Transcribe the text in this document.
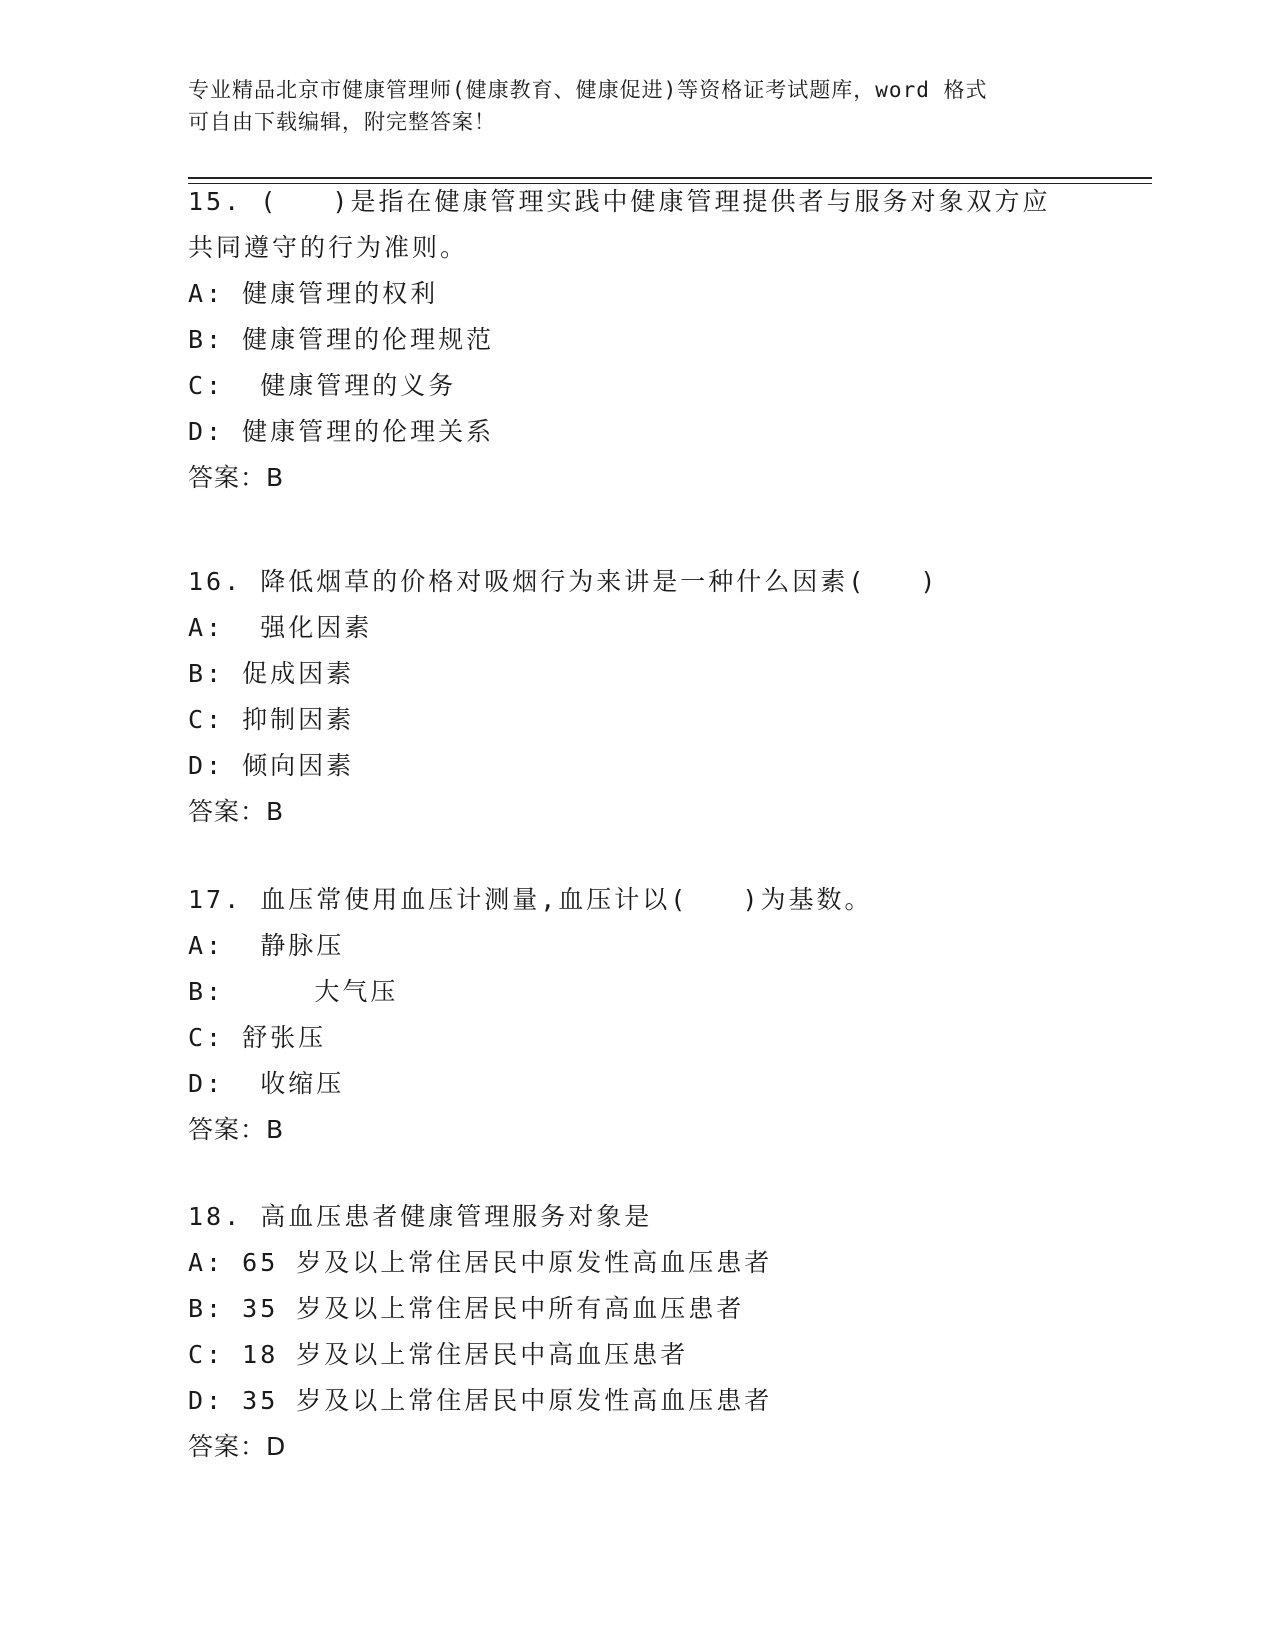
专业精品北京市健康管理师(健康教育、健康促进)等资格证考试题库，word 格式
可自由下载编辑，附完整答案！
15. (   )是指在健康管理实践中健康管理提供者与服务对象双方应
共同遵守的行为准则。
A: 健康管理的权利
B: 健康管理的伦理规范
C:  健康管理的义务
D: 健康管理的伦理关系
答案：B
16. 降低烟草的价格对吸烟行为来讲是一种什么因素(   )
A:  强化因素
B: 促成因素
C: 抑制因素
D: 倾向因素
答案：B
17. 血压常使用血压计测量,血压计以(   )为基数。
A:  静脉压
B:     大气压
C: 舒张压
D:  收缩压
答案：B
18. 高血压患者健康管理服务对象是
A: 65 岁及以上常住居民中原发性高血压患者
B: 35 岁及以上常住居民中所有高血压患者
C: 18 岁及以上常住居民中高血压患者
D: 35 岁及以上常住居民中原发性高血压患者
答案：D
